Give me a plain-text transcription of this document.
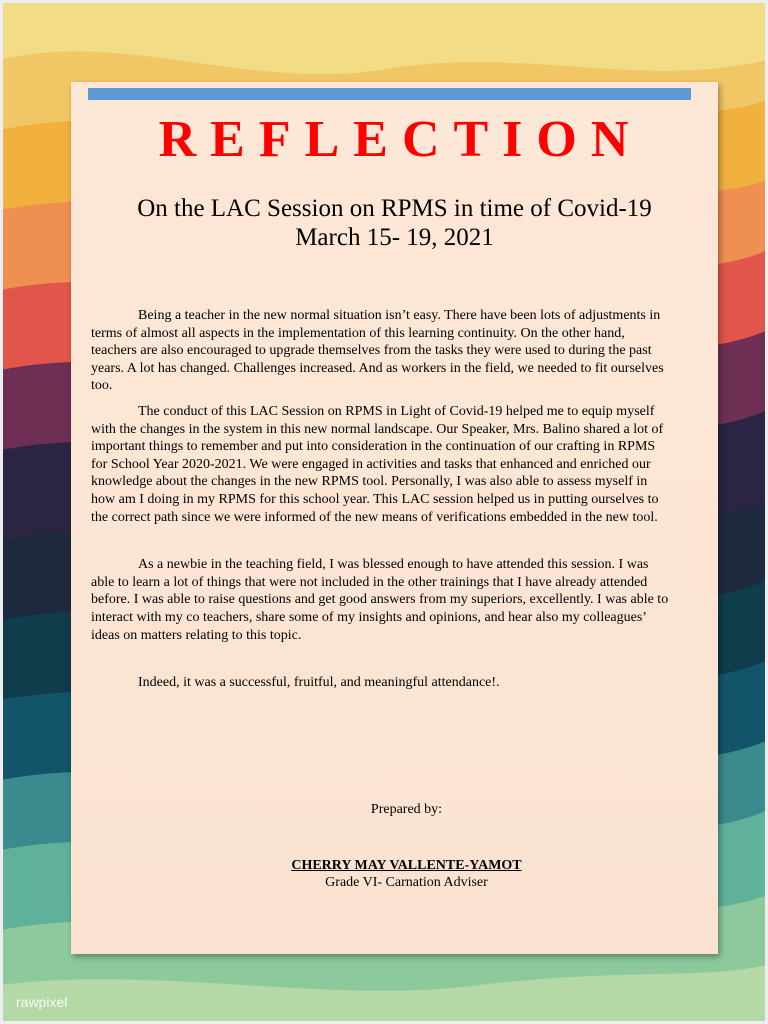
REFLECTION
On the LAC Session on RPMS in time of Covid-19
March 15- 19, 2021

Being a teacher in the new normal situation isn’t easy. There have been lots of adjustments in terms of almost all aspects in the implementation of this learning continuity. On the other hand, teachers are also encouraged to upgrade themselves from the tasks they were used to during the past years. A lot has changed. Challenges increased. And as workers in the field, we needed to fit ourselves too.

The conduct of this LAC Session on RPMS in Light of Covid-19 helped me to equip myself with the changes in the system in this new normal landscape. Our Speaker, Mrs. Balino shared a lot of important things to remember and put into consideration in the continuation of our crafting in RPMS for School Year 2020-2021. We were engaged in activities and tasks that enhanced and enriched our knowledge about the changes in the new RPMS tool. Personally, I was also able to assess myself in how am I doing in my RPMS for this school year. This LAC session helped us in putting ourselves to the correct path since we were informed of the new means of verifications embedded in the new tool.

As a newbie in the teaching field, I was blessed enough to have attended this session. I was able to learn a lot of things that were not included in the other trainings that I have already attended before. I was able to raise questions and get good answers from my superiors, excellently. I was able to interact with my co teachers, share some of my insights and opinions, and hear also my colleagues’ ideas on matters relating to this topic.

Indeed, it was a successful, fruitful, and meaningful attendance!.

Prepared by:
CHERRY MAY VALLENTE-YAMOT
Grade VI- Carnation Adviser
rawpixel
